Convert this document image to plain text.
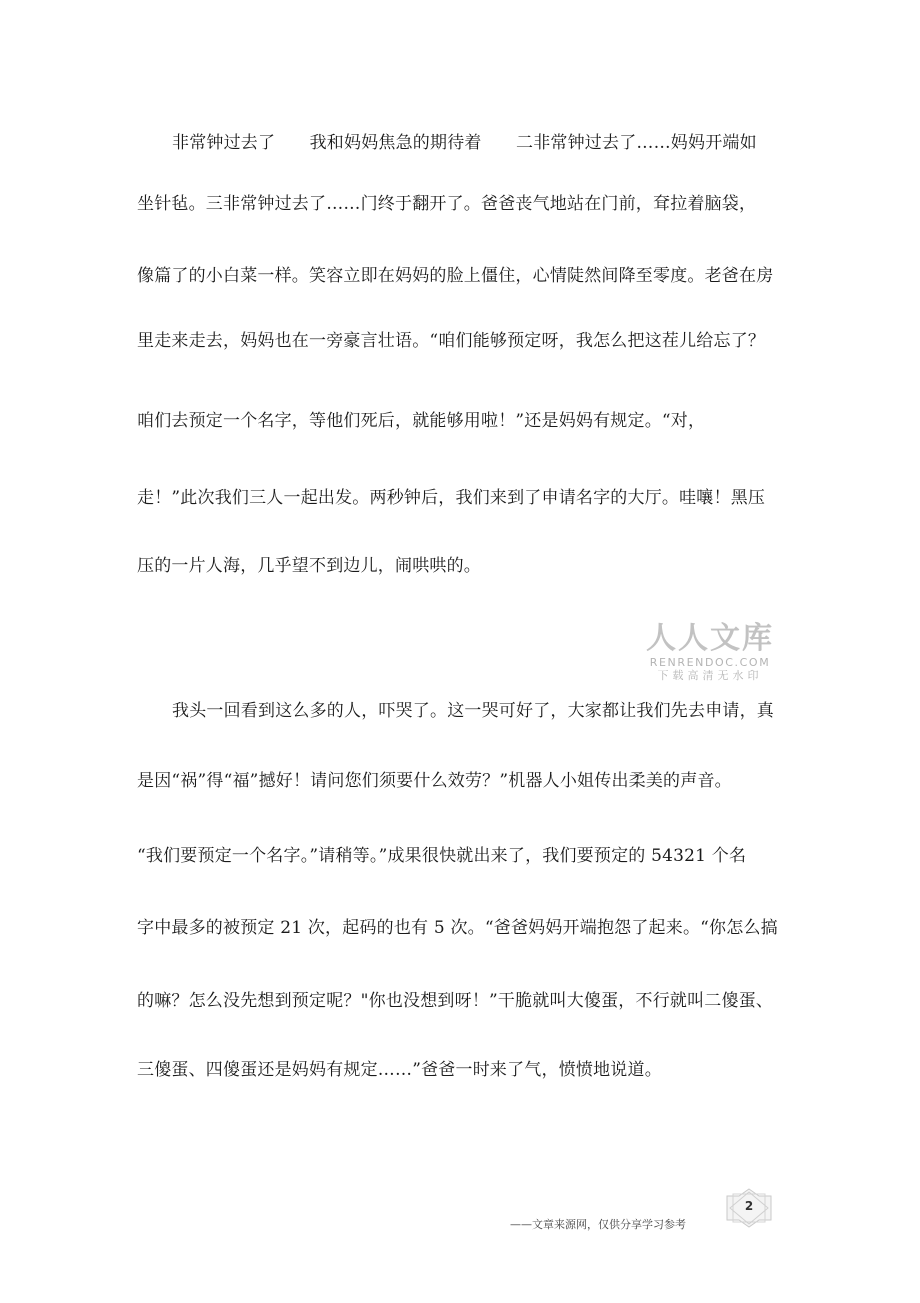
非常钟过去了　　我和妈妈焦急的期待着　　二非常钟过去了……妈妈开端如
坐针毡。三非常钟过去了……门终于翻开了。爸爸丧气地站在门前，耷拉着脑袋，
像篇了的小白菜一样。笑容立即在妈妈的脸上僵住，心情陡然间降至零度。老爸在房
里走来走去，妈妈也在一旁豪言壮语。“咱们能够预定呀，我怎么把这茬儿给忘了？
咱们去预定一个名字，等他们死后，就能够用啦！”还是妈妈有规定。“对，
走！”此次我们三人一起出发。两秒钟后，我们来到了申请名字的大厅。哇嚷！黑压
压的一片人海，几乎望不到边儿，闹哄哄的。
人人文库
RENRENDOC.COM
下载高清无水印
我头一回看到这么多的人，吓哭了。这一哭可好了，大家都让我们先去申请，真
是因“祸”得“福”撼好！请问您们须要什么效劳？”机器人小姐传出柔美的声音。
“我们要预定一个名字。”请稍等。”成果很快就出来了，我们要预定的 54321 个名
字中最多的被预定 21 次，起码的也有 5 次。“爸爸妈妈开端抱怨了起来。“你怎么搞
的嘛？怎么没先想到预定呢？"你也没想到呀！”干脆就叫大傻蛋，不行就叫二傻蛋、
三傻蛋、四傻蛋还是妈妈有规定……”爸爸一时来了气，愤愤地说道。
2
——文章来源网，仅供分享学习参考
